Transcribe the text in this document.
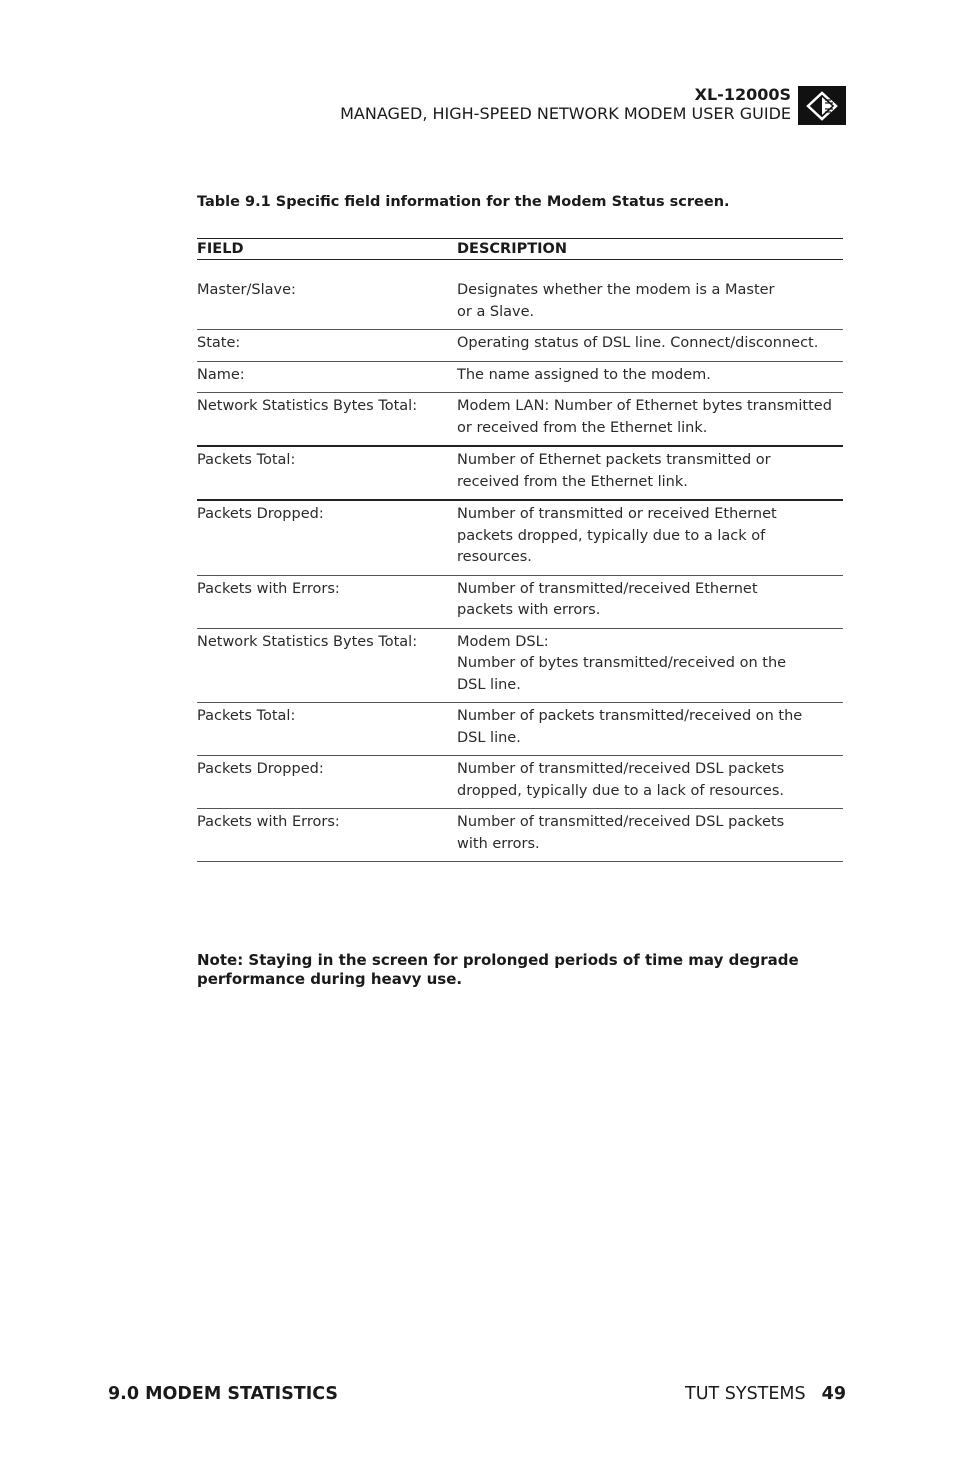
XL-12000S
MANAGED, HIGH-SPEED NETWORK MODEM USER GUIDE
Table 9.1 Specific field information for the Modem Status screen.
FIELD	DESCRIPTION
Master/Slave:	Designates whether the modem is a Master
or a Slave.
State:	Operating status of DSL line. Connect/disconnect.
Name:	The name assigned to the modem.
Network Statistics Bytes Total:	Modem LAN: Number of Ethernet bytes transmitted
or received from the Ethernet link.
Packets Total:	Number of Ethernet packets transmitted or
received from the Ethernet link.
Packets Dropped:	Number of transmitted or received Ethernet
packets dropped, typically due to a lack of
resources.
Packets with Errors:	Number of transmitted/received Ethernet
packets with errors.
Network Statistics Bytes Total:	Modem DSL:
Number of bytes transmitted/received on the
DSL line.
Packets Total:	Number of packets transmitted/received on the
DSL line.
Packets Dropped:	Number of transmitted/received DSL packets
dropped, typically due to a lack of resources.
Packets with Errors:	Number of transmitted/received DSL packets
with errors.
Note: Staying in the screen for prolonged periods of time may degrade performance during heavy use.
9.0 MODEM STATISTICS	TUT SYSTEMS 49
